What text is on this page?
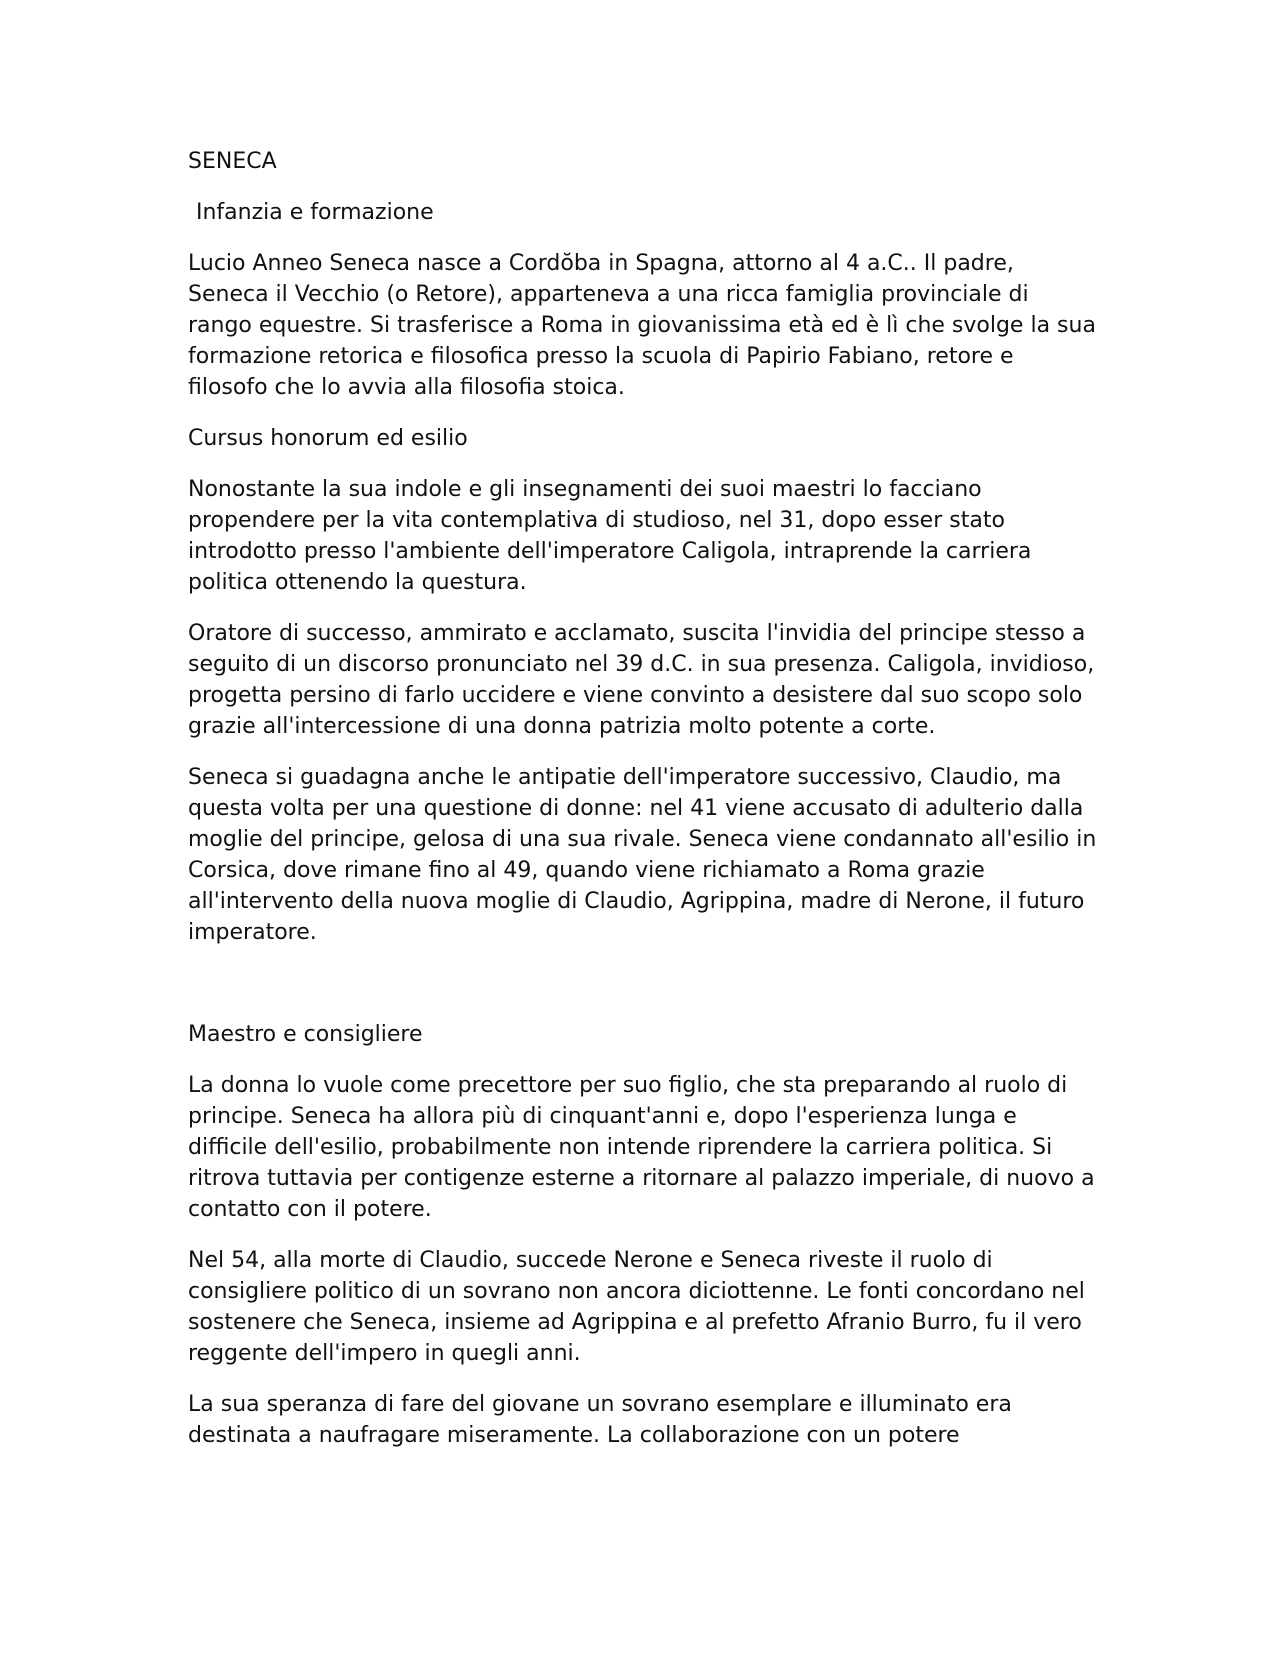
SENECA

Infanzia e formazione

Lucio Anneo Seneca nasce a Cordŏba in Spagna, attorno al 4 a.C.. Il padre, Seneca il Vecchio (o Retore), apparteneva a una ricca famiglia provinciale di rango equestre. Si trasferisce a Roma in giovanissima età ed è lì che svolge la sua formazione retorica e filosofica presso la scuola di Papirio Fabiano, retore e filosofo che lo avvia alla filosofia stoica.

Cursus honorum ed esilio

Nonostante la sua indole e gli insegnamenti dei suoi maestri lo facciano propendere per la vita contemplativa di studioso, nel 31, dopo esser stato introdotto presso l'ambiente dell'imperatore Caligola, intraprende la carriera politica ottenendo la questura.

Oratore di successo, ammirato e acclamato, suscita l'invidia del principe stesso a seguito di un discorso pronunciato nel 39 d.C. in sua presenza. Caligola, invidioso, progetta persino di farlo uccidere e viene convinto a desistere dal suo scopo solo grazie all'intercessione di una donna patrizia molto potente a corte.

Seneca si guadagna anche le antipatie dell'imperatore successivo, Claudio, ma questa volta per una questione di donne: nel 41 viene accusato di adulterio dalla moglie del principe, gelosa di una sua rivale. Seneca viene condannato all'esilio in Corsica, dove rimane fino al 49, quando viene richiamato a Roma grazie all'intervento della nuova moglie di Claudio, Agrippina, madre di Nerone, il futuro imperatore.

Maestro e consigliere

La donna lo vuole come precettore per suo figlio, che sta preparando al ruolo di principe. Seneca ha allora più di cinquant'anni e, dopo l'esperienza lunga e difficile dell'esilio, probabilmente non intende riprendere la carriera politica. Si ritrova tuttavia per contigenze esterne a ritornare al palazzo imperiale, di nuovo a contatto con il potere.

Nel 54, alla morte di Claudio, succede Nerone e Seneca riveste il ruolo di consigliere politico di un sovrano non ancora diciottenne. Le fonti concordano nel sostenere che Seneca, insieme ad Agrippina e al prefetto Afranio Burro, fu il vero reggente dell'impero in quegli anni.

La sua speranza di fare del giovane un sovrano esemplare e illuminato era destinata a naufragare miseramente. La collaborazione con un potere
